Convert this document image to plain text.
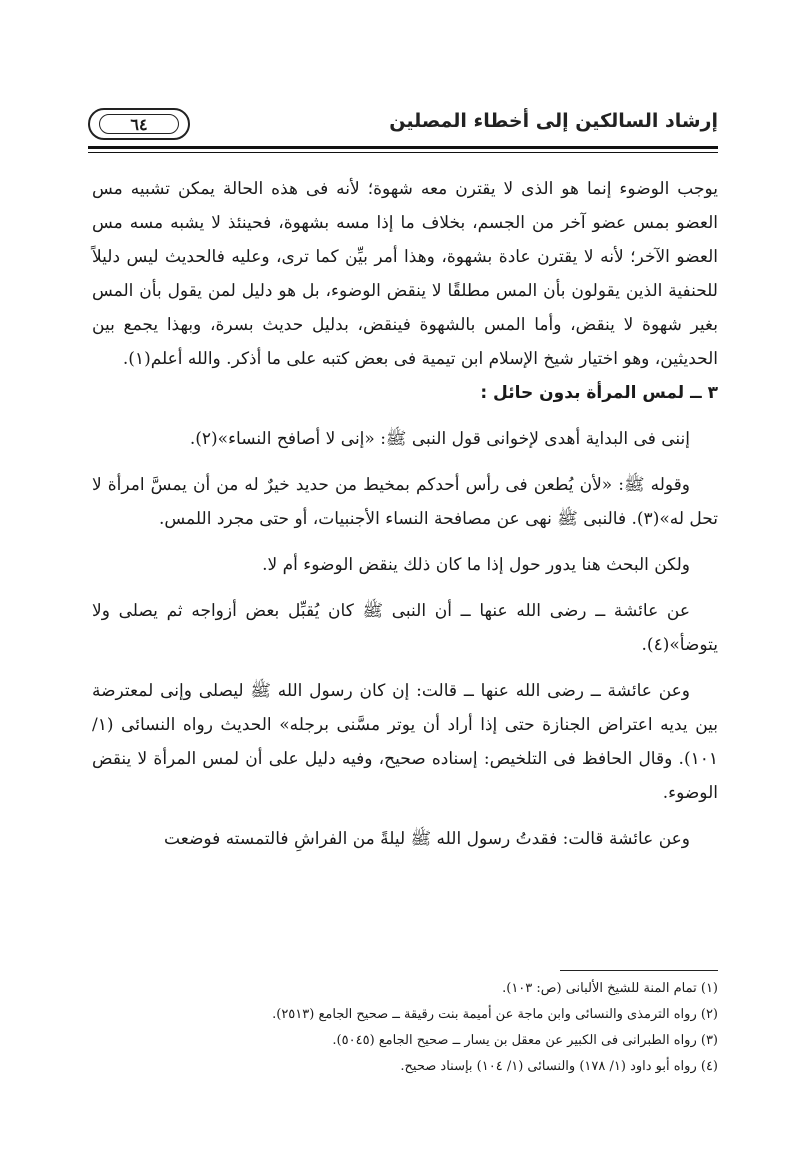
إرشاد السالكين إلى أخطاء المصلين
٦٤

يوجب الوضوء إنما هو الذى لا يقترن معه شهوة؛ لأنه فى هذه الحالة يمكن تشبيه مس العضو بمس عضو آخر من الجسم، بخلاف ما إذا مسه بشهوة، فحينئذ لا يشبه مسه مس العضو الآخر؛ لأنه لا يقترن عادة بشهوة، وهذا أمر بيِّن كما ترى، وعليه فالحديث ليس دليلاً للحنفية الذين يقولون بأن المس مطلقًا لا ينقض الوضوء، بل هو دليل لمن يقول بأن المس بغير شهوة لا ينقض، وأما المس بالشهوة فينقض، بدليل حديث بسرة، وبهذا يجمع بين الحديثين، وهو اختيار شيخ الإسلام ابن تيمية فى بعض كتبه على ما أذكر. والله أعلم(١).

٣ ــ لمس المرأة بدون حائل :

إننى فى البداية أهدى لإخوانى قول النبى ﷺ: «إنى لا أصافح النساء»(٢).

وقوله ﷺ: «لأن يُطعن فى رأس أحدكم بمخيط من حديد خيرٌ له من أن يمسَّ امرأة لا تحل له»(٣). فالنبى ﷺ نهى عن مصافحة النساء الأجنبيات، أو حتى مجرد اللمس.

ولكن البحث هنا يدور حول إذا ما كان ذلك ينقض الوضوء أم لا.

عن عائشة ــ رضى الله عنها ــ أن النبى ﷺ كان يُقبِّل بعض أزواجه ثم يصلى ولا يتوضأ»(٤).

وعن عائشة ــ رضى الله عنها ــ قالت: إن كان رسول الله ﷺ ليصلى وإنى لمعترضة بين يديه اعتراض الجنازة حتى إذا أراد أن يوتر مسَّنى برجله» الحديث رواه النسائى (١/ ١٠١). وقال الحافظ فى التلخيص: إسناده صحيح، وفيه دليل على أن لمس المرأة لا ينقض الوضوء.

وعن عائشة قالت: فقدتُ رسول الله ﷺ ليلةً من الفراشِ فالتمسته فوضعت

(١) تمام المنة للشيخ الألبانى (ص: ١٠٣).

(٢) رواه الترمذى والنسائى وابن ماجة عن أميمة بنت رقيقة ــ صحيح الجامع (٢٥١٣).

(٣) رواه الطبرانى فى الكبير عن معقل بن يسار ــ صحيح الجامع (٥٠٤٥).

(٤) رواه أبو داود (١/ ١٧٨) والنسائى (١/ ١٠٤) بإسناد صحيح.
